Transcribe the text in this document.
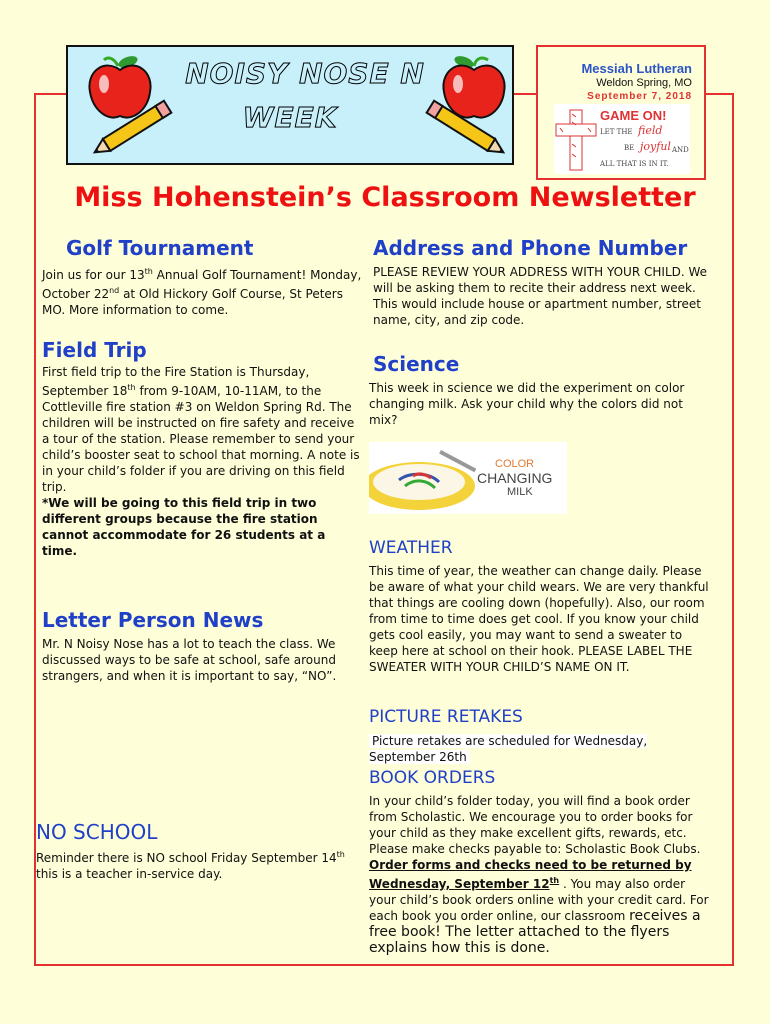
NOISY NOSE N
WEEK
Messiah Lutheran
Weldon Spring, MO
September 7, 2018
GAME ON!
LET THE field
BE joyful AND
ALL THAT IS IN IT.
Miss Hohenstein’s Classroom Newsletter
Golf Tournament
Join us for our 13th Annual Golf Tournament! Monday, October 22nd at Old Hickory Golf Course, St Peters MO. More information to come.
Address and Phone Number
PLEASE REVIEW YOUR ADDRESS WITH YOUR CHILD. We will be asking them to recite their address next week. This would include house or apartment number, street name, city, and zip code.
Field Trip
First field trip to the Fire Station is Thursday, September 18th from 9-10AM, 10-11AM, to the Cottleville fire station #3 on Weldon Spring Rd. The children will be instructed on fire safety and receive a tour of the station. Please remember to send your child’s booster seat to school that morning. A note is in your child’s folder if you are driving on this field trip.
*We will be going to this field trip in two different groups because the fire station cannot accommodate for 26 students at a time.
Science
This week in science we did the experiment on color changing milk. Ask your child why the colors did not mix?
COLOR
CHANGING
MILK
WEATHER
This time of year, the weather can change daily. Please be aware of what your child wears. We are very thankful that things are cooling down (hopefully). Also, our room from time to time does get cool. If you know your child gets cool easily, you may want to send a sweater to keep here at school on their hook. PLEASE LABEL THE SWEATER WITH YOUR CHILD’S NAME ON IT.
Letter Person News
Mr. N Noisy Nose has a lot to teach the class. We discussed ways to be safe at school, safe around strangers, and when it is important to say, “NO”.
PICTURE RETAKES
Picture retakes are scheduled for Wednesday, September 26th
BOOK ORDERS
In your child’s folder today, you will find a book order from Scholastic. We encourage you to order books for your child as they make excellent gifts, rewards, etc. Please make checks payable to: Scholastic Book Clubs. Order forms and checks need to be returned by Wednesday, September 12th . You may also order your child’s book orders online with your credit card. For each book you order online, our classroom receives a free book! The letter attached to the flyers explains how this is done.
NO SCHOOL
Reminder there is NO school Friday September 14th this is a teacher in-service day.
